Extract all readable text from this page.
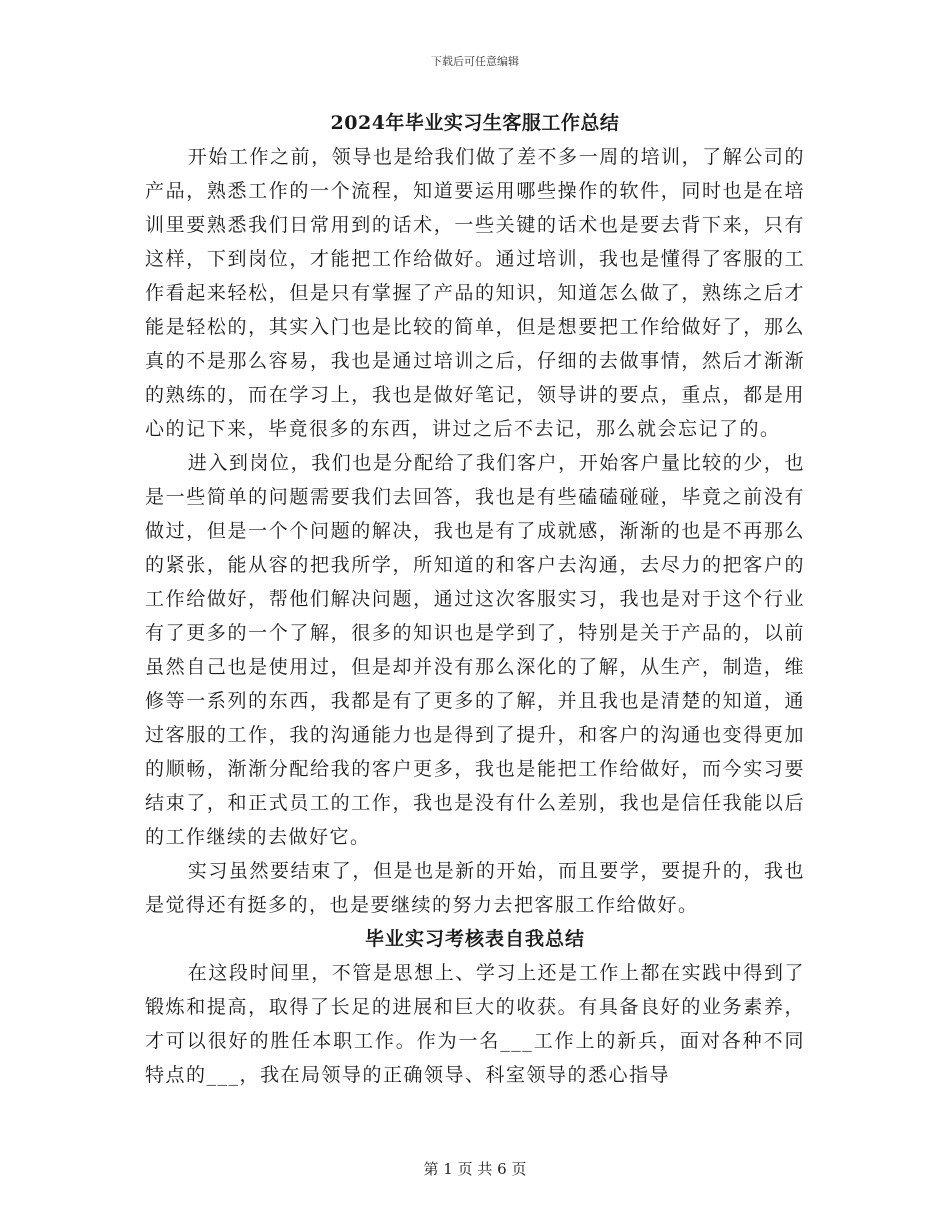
下载后可任意编辑
2024年毕业实习生客服工作总结

开始工作之前，领导也是给我们做了差不多一周的培训，了解公司的产品，熟悉工作的一个流程，知道要运用哪些操作的软件，同时也是在培训里要熟悉我们日常用到的话术，一些关键的话术也是要去背下来，只有这样，下到岗位，才能把工作给做好。通过培训，我也是懂得了客服的工作看起来轻松，但是只有掌握了产品的知识，知道怎么做了，熟练之后才能是轻松的，其实入门也是比较的简单，但是想要把工作给做好了，那么真的不是那么容易，我也是通过培训之后，仔细的去做事情，然后才渐渐的熟练的，而在学习上，我也是做好笔记，领导讲的要点，重点，都是用心的记下来，毕竟很多的东西，讲过之后不去记，那么就会忘记了的。

进入到岗位，我们也是分配给了我们客户，开始客户量比较的少，也是一些简单的问题需要我们去回答，我也是有些磕磕碰碰，毕竟之前没有做过，但是一个个问题的解决，我也是有了成就感，渐渐的也是不再那么的紧张，能从容的把我所学，所知道的和客户去沟通，去尽力的把客户的工作给做好，帮他们解决问题，通过这次客服实习，我也是对于这个行业有了更多的一个了解，很多的知识也是学到了，特别是关于产品的，以前虽然自己也是使用过，但是却并没有那么深化的了解，从生产，制造，维修等一系列的东西，我都是有了更多的了解，并且我也是清楚的知道，通过客服的工作，我的沟通能力也是得到了提升，和客户的沟通也变得更加的顺畅，渐渐分配给我的客户更多，我也是能把工作给做好，而今实习要结束了，和正式员工的工作，我也是没有什么差别，我也是信任我能以后的工作继续的去做好它。

实习虽然要结束了，但是也是新的开始，而且要学，要提升的，我也是觉得还有挺多的，也是要继续的努力去把客服工作给做好。

毕业实习考核表自我总结

在这段时间里，不管是思想上、学习上还是工作上都在实践中得到了锻炼和提高，取得了长足的进展和巨大的收获。有具备良好的业务素养，才可以很好的胜任本职工作。作为一名___工作上的新兵，面对各种不同特点的___，我在局领导的正确领导、科室领导的悉心指导

第 1 页 共 6 页
